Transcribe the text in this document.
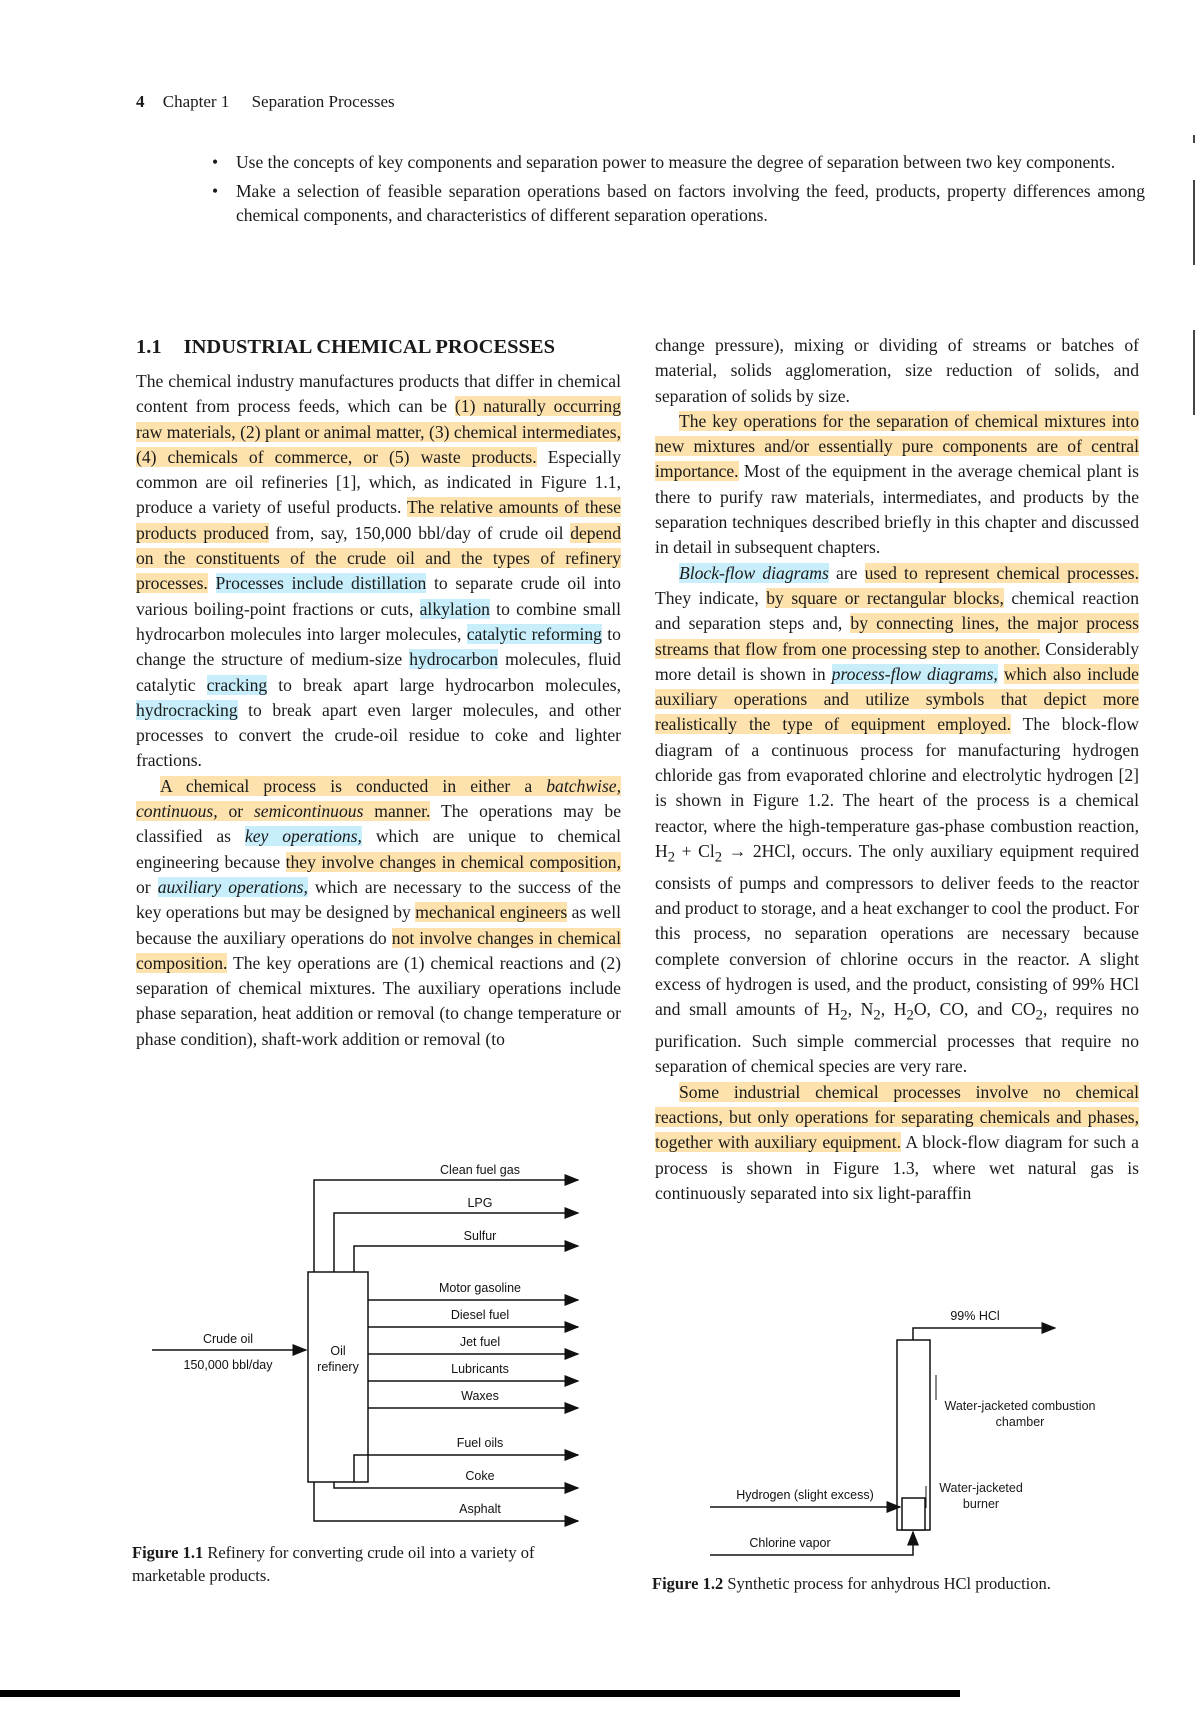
4 Chapter 1 Separation Processes
• Use the concepts of key components and separation power to measure the degree of separation between two key components.
• Make a selection of feasible separation operations based on factors involving the feed, products, property differences among chemical components, and characteristics of different separation operations.
1.1 INDUSTRIAL CHEMICAL PROCESSES

The chemical industry manufactures products that differ in chemical content from process feeds, which can be (1) naturally occurring raw materials, (2) plant or animal matter, (3) chemical intermediates, (4) chemicals of commerce, or (5) waste products. Especially common are oil refineries [1], which, as indicated in Figure 1.1, produce a variety of useful products. The relative amounts of these products produced from, say, 150,000 bbl/day of crude oil depend on the constituents of the crude oil and the types of refinery processes. Processes include distillation to separate crude oil into various boiling-point fractions or cuts, alkylation to combine small hydrocarbon molecules into larger molecules, catalytic reforming to change the structure of medium-size hydrocarbon molecules, fluid catalytic cracking to break apart large hydrocarbon molecules, hydrocracking to break apart even larger molecules, and other processes to convert the crude-oil residue to coke and lighter fractions.

A chemical process is conducted in either a batchwise, continuous, or semicontinuous manner. The operations may be classified as key operations, which are unique to chemical engineering because they involve changes in chemical composition, or auxiliary operations, which are necessary to the success of the key operations but may be designed by mechanical engineers as well because the auxiliary operations do not involve changes in chemical composition. The key operations are (1) chemical reactions and (2) separation of chemical mixtures. The auxiliary operations include phase separation, heat addition or removal (to change temperature or phase condition), shaft-work addition or removal (to

change pressure), mixing or dividing of streams or batches of material, solids agglomeration, size reduction of solids, and separation of solids by size.

The key operations for the separation of chemical mixtures into new mixtures and/or essentially pure components are of central importance. Most of the equipment in the average chemical plant is there to purify raw materials, intermediates, and products by the separation techniques described briefly in this chapter and discussed in detail in subsequent chapters.

Block-flow diagrams are used to represent chemical processes. They indicate, by square or rectangular blocks, chemical reaction and separation steps and, by connecting lines, the major process streams that flow from one processing step to another. Considerably more detail is shown in process-flow diagrams, which also include auxiliary operations and utilize symbols that depict more realistically the type of equipment employed. The block-flow diagram of a continuous process for manufacturing hydrogen chloride gas from evaporated chlorine and electrolytic hydrogen [2] is shown in Figure 1.2. The heart of the process is a chemical reactor, where the high-temperature gas-phase combustion reaction, $H_2 + Cl_2 \to 2HCl$, occurs. The only auxiliary equipment required consists of pumps and compressors to deliver feeds to the reactor and product to storage, and a heat exchanger to cool the product. For this process, no separation operations are necessary because complete conversion of chlorine occurs in the reactor. A slight excess of hydrogen is used, and the product, consisting of 99% HCl and small amounts of $H_2$, $N_2$, $H_2O$, CO, and $CO_2$, requires no purification. Such simple commercial processes that require no separation of chemical species are very rare.

Some industrial chemical processes involve no chemical reactions, but only operations for separating chemicals and phases, together with auxiliary equipment. A block-flow diagram for such a process is shown in Figure 1.3, where wet natural gas is continuously separated into six light-paraffin

Oil
refinery
Crude oil
150,000 bbl/day
Clean fuel gas
LPG
Sulfur
Motor gasoline
Diesel fuel
Jet fuel
Lubricants
Waxes
Fuel oils
Coke
Asphalt
Figure 1.1 Refinery for converting crude oil into a variety of marketable products.
99% HCl
Hydrogen (slight excess)
Chlorine vapor
Water-jacketed combustion chamber
Water-jacketed burner
Figure 1.2 Synthetic process for anhydrous HCl production.
